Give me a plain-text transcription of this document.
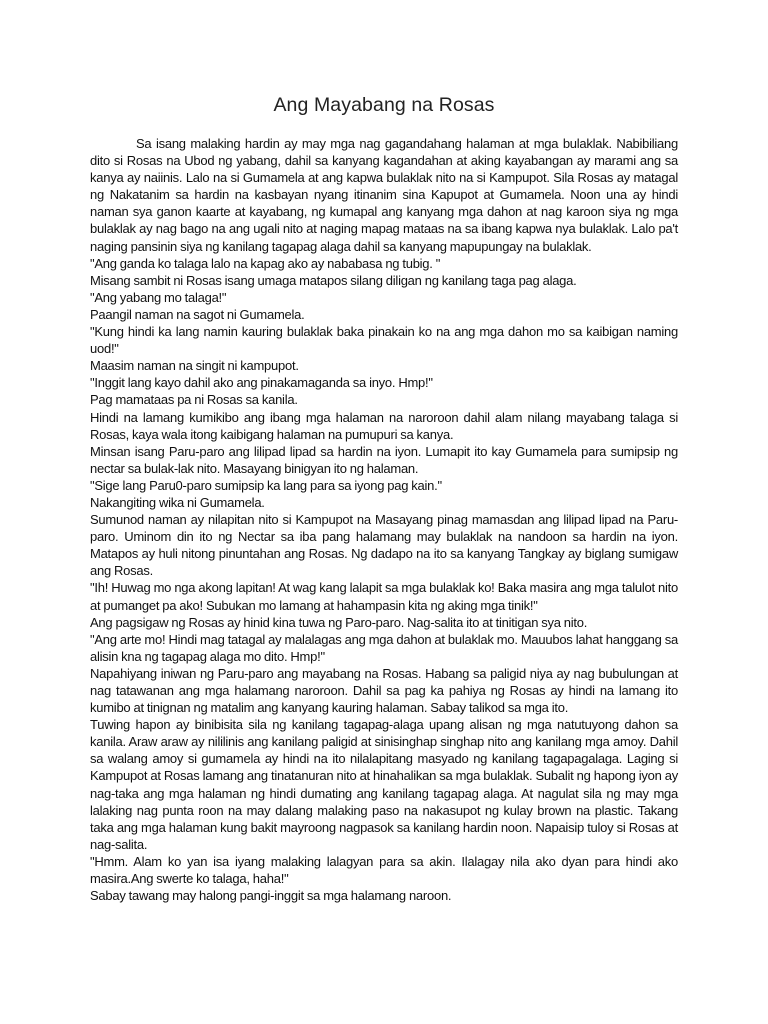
Ang Mayabang na Rosas

Sa isang malaking hardin ay may mga nag gagandahang halaman at mga bulaklak. Nabibiliang dito si Rosas na Ubod ng yabang, dahil sa kanyang kagandahan at aking kayabangan ay marami ang sa kanya ay naiinis. Lalo na si Gumamela at ang kapwa bulaklak nito na si Kampupot. Sila Rosas ay matagal ng Nakatanim sa hardin na kasbayan nyang itinanim sina Kapupot at Gumamela. Noon una ay hindi naman sya ganon kaarte at kayabang, ng kumapal ang kanyang mga dahon at nag karoon siya ng mga bulaklak ay nag bago na ang ugali nito at naging mapag mataas na sa ibang kapwa nya bulaklak. Lalo pa't naging pansinin siya ng kanilang tagapag alaga dahil sa kanyang mapupungay na bulaklak.

"Ang ganda ko talaga lalo na kapag ako ay nababasa ng tubig. "

Misang sambit ni Rosas isang umaga matapos silang diligan ng kanilang taga pag alaga.

"Ang yabang mo talaga!"

Paangil naman na sagot ni Gumamela.

"Kung hindi ka lang namin kauring bulaklak baka pinakain ko na ang mga dahon mo sa kaibigan naming uod!"

Maasim naman na singit ni kampupot.

"Inggit lang kayo dahil ako ang pinakamaganda sa inyo. Hmp!"

Pag mamataas pa ni Rosas sa kanila.

Hindi na lamang kumikibo ang ibang mga halaman na naroroon dahil alam nilang mayabang talaga si Rosas, kaya wala itong kaibigang halaman na pumupuri sa kanya.

Minsan isang Paru-paro ang lilipad lipad sa hardin na iyon. Lumapit ito kay Gumamela para sumipsip ng nectar sa bulak-lak nito. Masayang binigyan ito ng halaman.

"Sige lang Paru0-paro sumipsip ka lang para sa iyong pag kain."

Nakangiting wika ni Gumamela.

Sumunod naman ay nilapitan nito si Kampupot na Masayang pinag mamasdan ang lilipad lipad na Paru-paro. Uminom din ito ng Nectar sa iba pang halamang may bulaklak na nandoon sa hardin na iyon. Matapos ay huli nitong pinuntahan ang Rosas. Ng dadapo na ito sa kanyang Tangkay ay biglang sumigaw ang Rosas.

"Ih! Huwag mo nga akong lapitan! At wag kang lalapit sa mga bulaklak ko! Baka masira ang mga talulot nito at pumanget pa ako! Subukan mo lamang at hahampasin kita ng aking mga tinik!"

Ang pagsigaw ng Rosas ay hinid kina tuwa ng Paro-paro. Nag-salita ito at tinitigan sya nito.

"Ang arte mo! Hindi mag tatagal ay malalagas ang mga dahon at bulaklak mo. Mauubos lahat hanggang sa alisin kna ng tagapag alaga mo dito. Hmp!"

Napahiyang iniwan ng Paru-paro ang mayabang na Rosas. Habang sa paligid niya ay nag bubulungan at nag tatawanan ang mga halamang naroroon. Dahil sa pag ka pahiya ng Rosas ay hindi na lamang ito kumibo at tinignan ng matalim ang kanyang kauring halaman. Sabay talikod sa mga ito.

Tuwing hapon ay binibisita sila ng kanilang tagapag-alaga upang alisan ng mga natutuyong dahon sa kanila. Araw araw ay nililinis ang kanilang paligid at sinisinghap singhap nito ang kanilang mga amoy. Dahil sa walang amoy si gumamela ay hindi na ito nilalapitang masyado ng kanilang tagapagalaga. Laging si Kampupot at Rosas lamang ang tinatanuran nito at hinahalikan sa mga bulaklak. Subalit ng hapong iyon ay nag-taka ang mga halaman ng hindi dumating ang kanilang tagapag alaga. At nagulat sila ng may mga lalaking nag punta roon na may dalang malaking paso na nakasupot ng kulay brown na plastic. Takang taka ang mga halaman kung bakit mayroong nagpasok sa kanilang hardin noon. Napaisip tuloy si Rosas at nag-salita.

"Hmm. Alam ko yan isa iyang malaking lalagyan para sa akin. Ilalagay nila ako dyan para hindi ako masira.Ang swerte ko talaga, haha!"

Sabay tawang may halong pangi-inggit sa mga halamang naroon.
